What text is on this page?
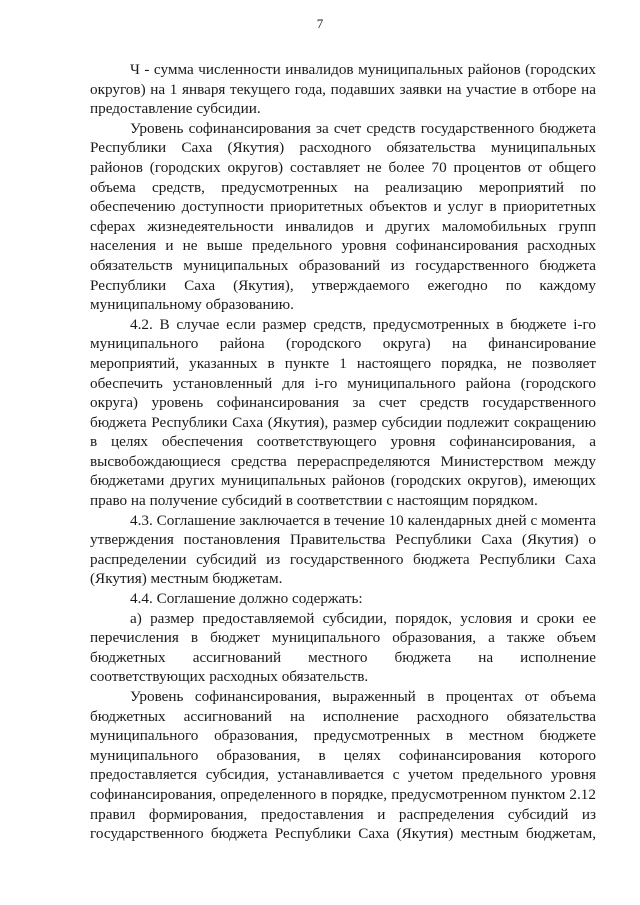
7

Ч - сумма численности инвалидов муниципальных районов (городских
округов) на 1 января текущего года, подавших заявки на участие в отборе на
предоставление субсидии.

Уровень софинансирования за счет средств государственного бюджета
Республики Саха (Якутия) расходного обязательства муниципальных
районов (городских округов) составляет не более 70 процентов от общего
объема средств, предусмотренных на реализацию мероприятий по
обеспечению доступности приоритетных объектов и услуг в приоритетных
сферах жизнедеятельности инвалидов и других маломобильных групп
населения и не выше предельного уровня софинансирования расходных
обязательств муниципальных образований из государственного бюджета
Республики Саха (Якутия), утверждаемого ежегодно по каждому
муниципальному образованию.

4.2. В случае если размер средств, предусмотренных в бюджете i-го
муниципального района (городского округа) на финансирование
мероприятий, указанных в пункте 1 настоящего порядка, не позволяет
обеспечить установленный для i-го муниципального района (городского
округа) уровень софинансирования за счет средств государственного
бюджета Республики Саха (Якутия), размер субсидии подлежит сокращению
в целях обеспечения соответствующего уровня софинансирования, а
высвобождающиеся средства перераспределяются Министерством между
бюджетами других муниципальных районов (городских округов), имеющих
право на получение субсидий в соответствии с настоящим порядком.

4.3. Соглашение заключается в течение 10 календарных дней с момента
утверждения постановления Правительства Республики Саха (Якутия) о
распределении субсидий из государственного бюджета Республики Саха
(Якутия) местным бюджетам.

4.4. Соглашение должно содержать:

а) размер предоставляемой субсидии, порядок, условия и сроки ее
перечисления в бюджет муниципального образования, а также объем
бюджетных ассигнований местного бюджета на исполнение
соответствующих расходных обязательств.

Уровень софинансирования, выраженный в процентах от объема
бюджетных ассигнований на исполнение расходного обязательства
муниципального образования, предусмотренных в местном бюджете
муниципального образования, в целях софинансирования которого
предоставляется субсидия, устанавливается с учетом предельного уровня
софинансирования, определенного в порядке, предусмотренном пунктом 2.12
правил формирования, предоставления и распределения субсидий из
государственного бюджета Республики Саха (Якутия) местным бюджетам,
